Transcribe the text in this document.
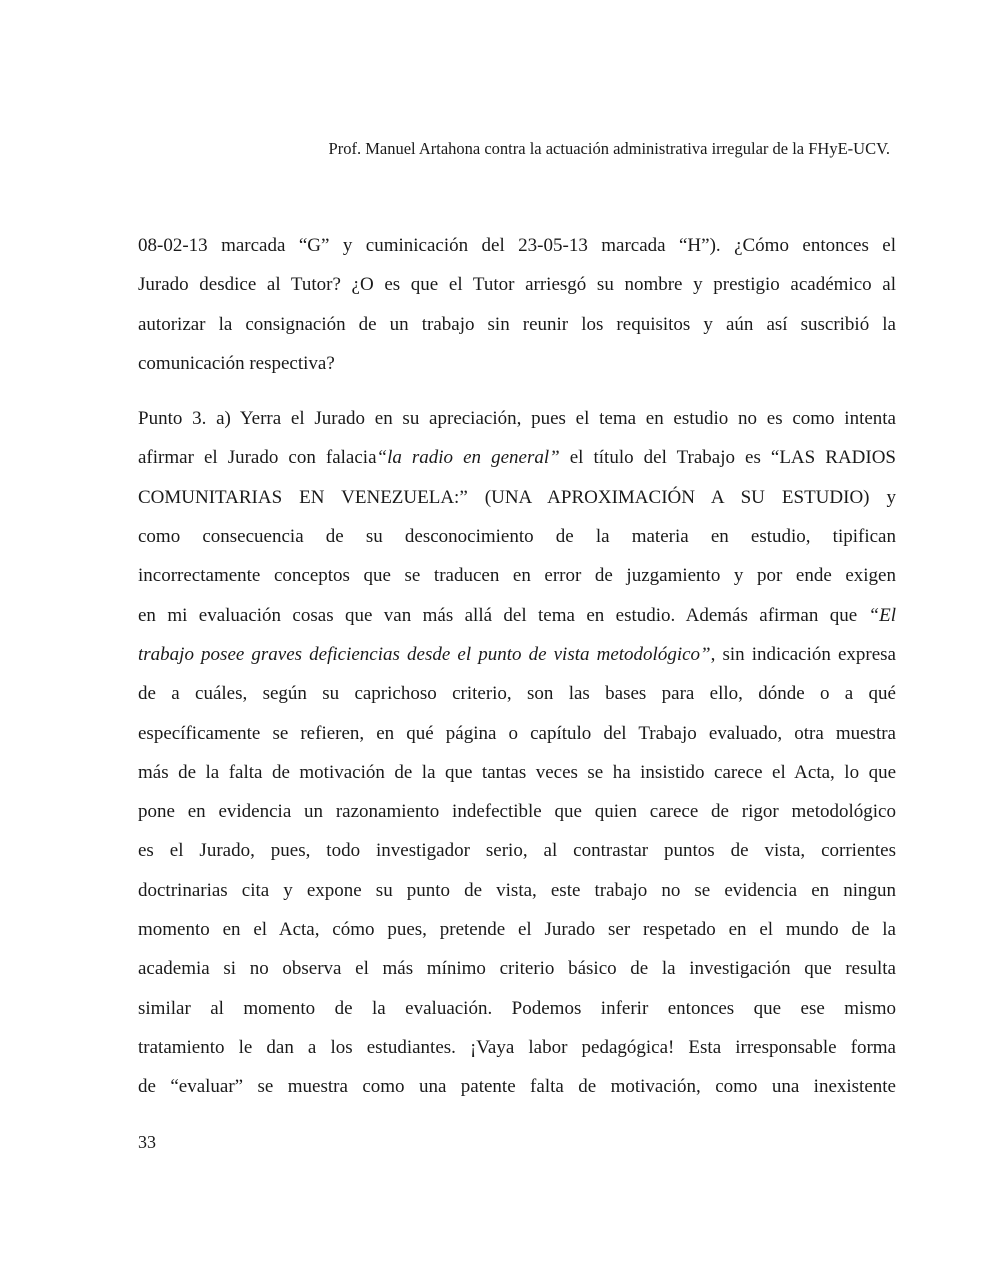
Prof. Manuel Artahona contra la actuación administrativa irregular de la FHyE-UCV.
08-02-13 marcada “G” y cuminicación del 23-05-13 marcada “H”). ¿Cómo entonces el
Jurado desdice al Tutor? ¿O es que el Tutor arriesgó su nombre y prestigio académico al
autorizar la consignación de un trabajo sin reunir los requisitos y aún así suscribió la
comunicación respectiva?
Punto 3. a) Yerra el Jurado en su apreciación, pues el tema en estudio no es como intenta
afirmar el Jurado con falacia“la radio en general” el título del Trabajo es “LAS RADIOS
COMUNITARIAS EN VENEZUELA:” (UNA APROXIMACIÓN A SU ESTUDIO) y
como consecuencia de su desconocimiento de la materia en estudio, tipifican
incorrectamente conceptos que se traducen en error de juzgamiento y por ende exigen
en mi evaluación cosas que van más allá del tema en estudio. Además afirman que “El
trabajo posee graves deficiencias desde el punto de vista metodológico”, sin indicación expresa
de a cuáles, según su caprichoso criterio, son las bases para ello, dónde o a qué
específicamente se refieren, en qué página o capítulo del Trabajo evaluado, otra muestra
más de la falta de motivación de la que tantas veces se ha insistido carece el Acta, lo que
pone en evidencia un razonamiento indefectible que quien carece de rigor metodológico
es el Jurado, pues, todo investigador serio, al contrastar puntos de vista, corrientes
doctrinarias cita y expone su punto de vista, este trabajo no se evidencia en ningun
momento en el Acta, cómo pues, pretende el Jurado ser respetado en el mundo de la
academia si no observa el más mínimo criterio básico de la investigación que resulta
similar al momento de la evaluación. Podemos inferir entonces que ese mismo
tratamiento le dan a los estudiantes. ¡Vaya labor pedagógica! Esta irresponsable forma
de “evaluar” se muestra como una patente falta de motivación, como una inexistente
33
